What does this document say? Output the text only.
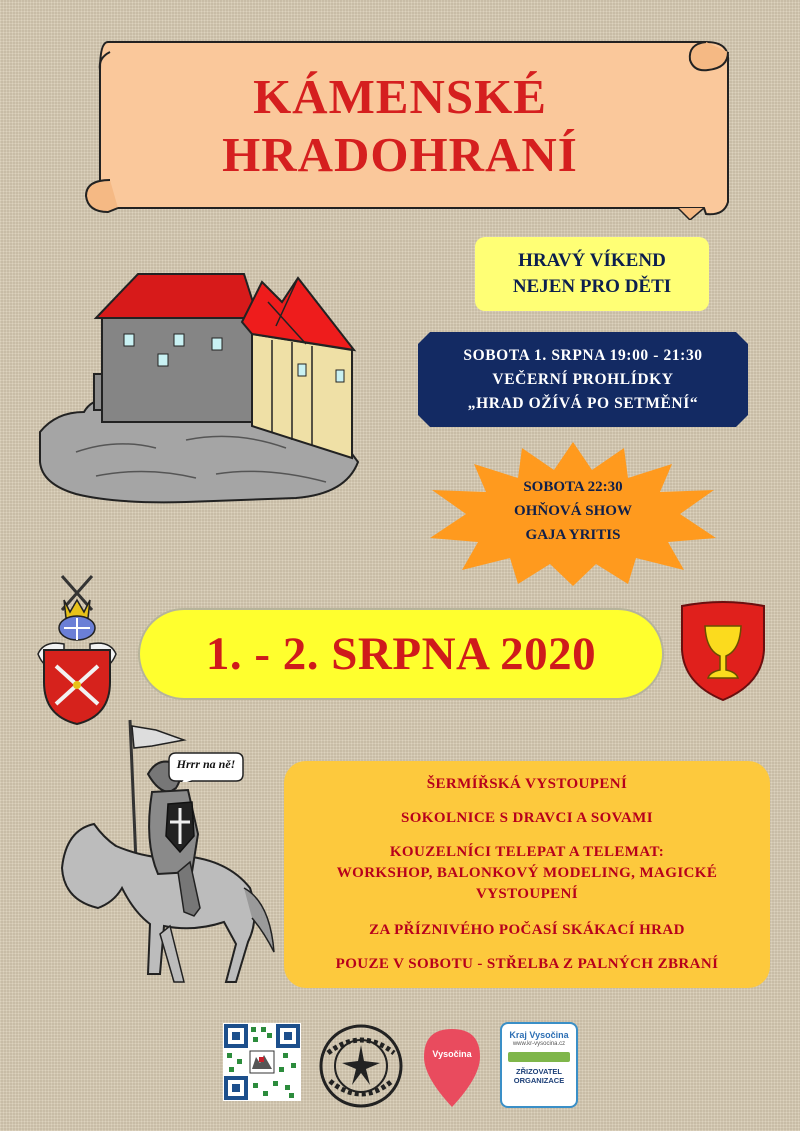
KÁMENSKÉ
HRADOHRANÍ
HRAVÝ VÍKEND
NEJEN PRO DĚTI
SOBOTA 1. SRPNA 19:00 - 21:30
VEČERNÍ PROHLÍDKY
„HRAD OŽÍVÁ PO SETMĚNÍ“
SOBOTA 22:30
OHŇOVÁ SHOW
GAJA YRITIS
1. - 2. SRPNA 2020
Hrrr na ně!
ŠERMÍŘSKÁ VYSTOUPENÍ
SOKOLNICE S DRAVCI A SOVAMI
KOUZELNÍCI TELEPAT A TELEMAT:
WORKSHOP, BALONKOVÝ MODELING, MAGICKÉ
VYSTOUPENÍ
ZA PŘÍZNIVÉHO POČASÍ SKÁKACÍ HRAD
POUZE V SOBOTU - STŘELBA Z PALNÝCH ZBRANÍ
Vysočina
Kraj Vysočina
www.kr-vysocina.cz
ZŘIZOVATEL
ORGANIZACE
